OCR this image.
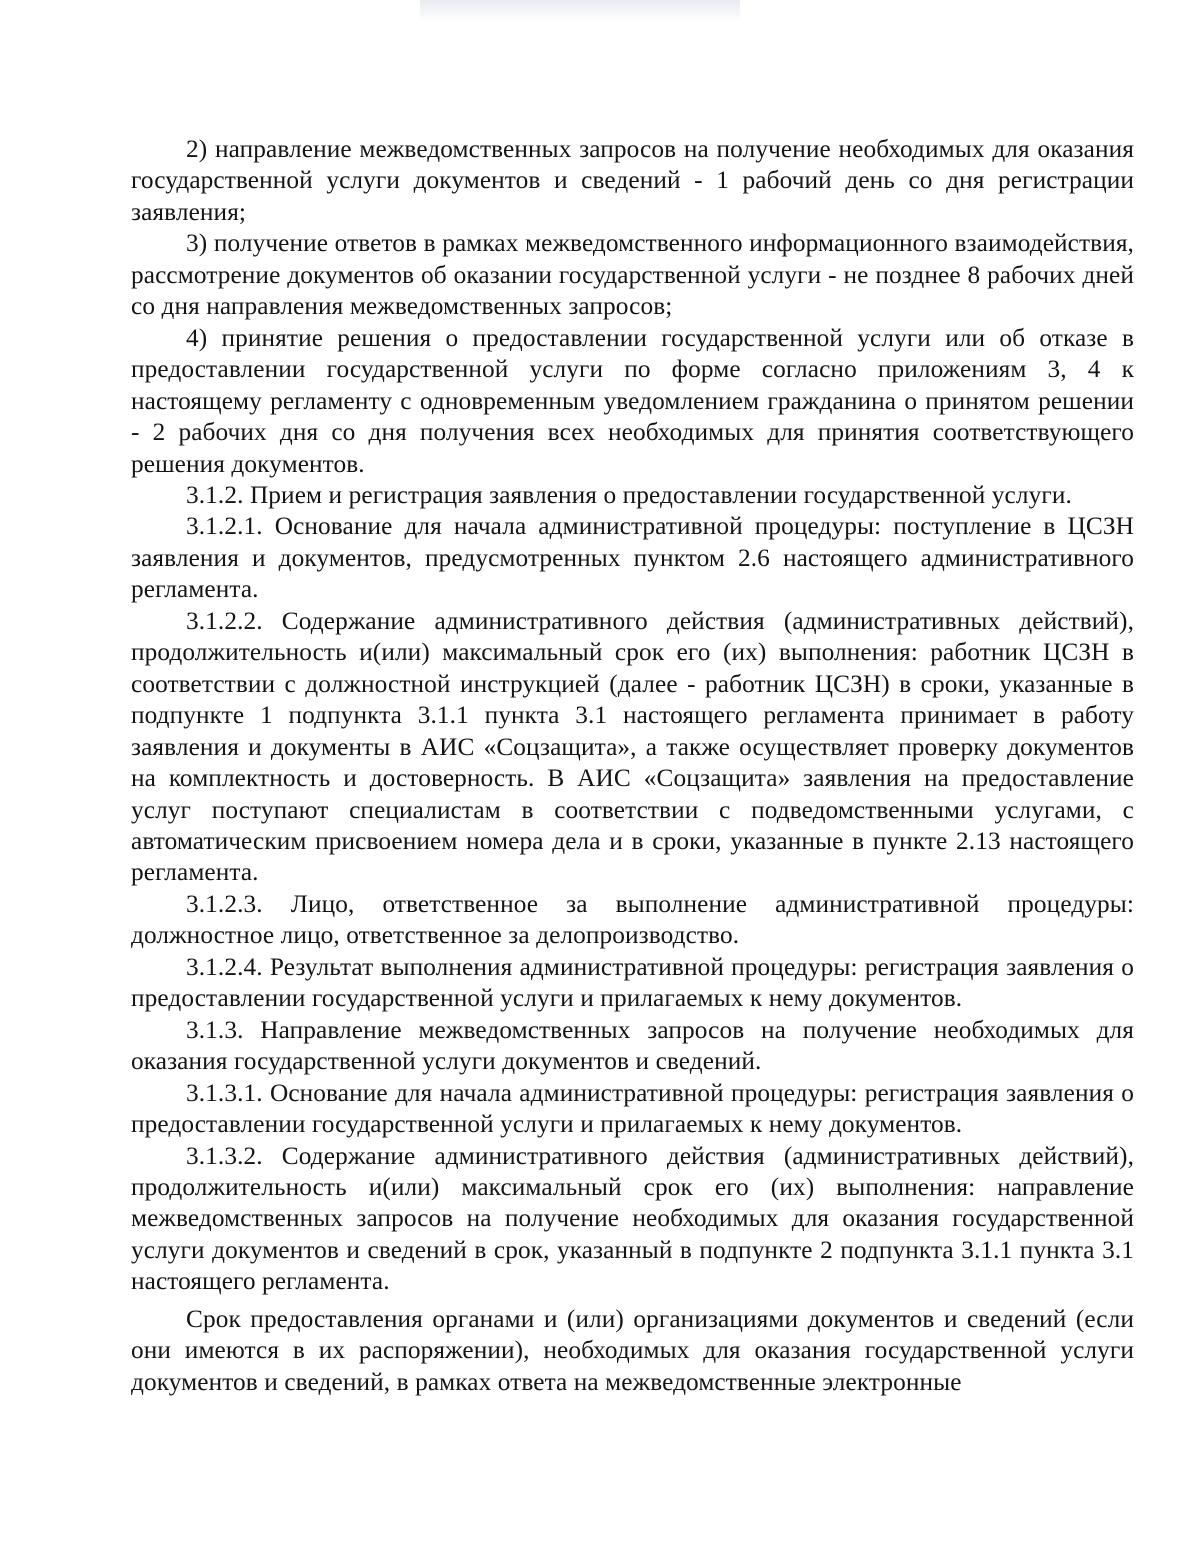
2) направление межведомственных запросов на получение необходимых для оказания государственной услуги документов и сведений - 1 рабочий день со дня регистрации заявления;

3) получение ответов в рамках межведомственного информационного взаимодействия, рассмотрение документов об оказании государственной услуги - не позднее 8 рабочих дней со дня направления межведомственных запросов;

4) принятие решения о предоставлении государственной услуги или об отказе в предоставлении государственной услуги по форме согласно приложениям 3, 4 к настоящему регламенту с одновременным уведомлением гражданина о принятом решении - 2 рабочих дня со дня получения всех необходимых для принятия соответствующего решения документов.

3.1.2. Прием и регистрация заявления о предоставлении государственной услуги.

3.1.2.1. Основание для начала административной процедуры: поступление в ЦСЗН заявления и документов, предусмотренных пунктом 2.6 настоящего административного регламента.

3.1.2.2. Содержание административного действия (административных действий), продолжительность и(или) максимальный срок его (их) выполнения: работник ЦСЗН в соответствии с должностной инструкцией (далее - работник ЦСЗН) в сроки, указанные в подпункте 1 подпункта 3.1.1 пункта 3.1 настоящего регламента принимает в работу заявления и документы в АИС «Соцзащита», а также осуществляет проверку документов на комплектность и достоверность. В АИС «Соцзащита» заявления на предоставление услуг поступают специалистам в соответствии с подведомственными услугами, с автоматическим присвоением номера дела и в сроки, указанные в пункте 2.13 настоящего регламента.

3.1.2.3. Лицо, ответственное за выполнение административной процедуры: должностное лицо, ответственное за делопроизводство.

3.1.2.4. Результат выполнения административной процедуры: регистрация заявления о предоставлении государственной услуги и прилагаемых к нему документов.

3.1.3. Направление межведомственных запросов на получение необходимых для оказания государственной услуги документов и сведений.

3.1.3.1. Основание для начала административной процедуры: регистрация заявления о предоставлении государственной услуги и прилагаемых к нему документов.

3.1.3.2. Содержание административного действия (административных действий), продолжительность и(или) максимальный срок его (их) выполнения: направление межведомственных запросов на получение необходимых для оказания государственной услуги документов и сведений в срок, указанный в подпункте 2 подпункта 3.1.1 пункта 3.1 настоящего регламента.

Срок предоставления органами и (или) организациями документов и сведений (если они имеются в их распоряжении), необходимых для оказания государственной услуги документов и сведений, в рамках ответа на межведомственные электронные
